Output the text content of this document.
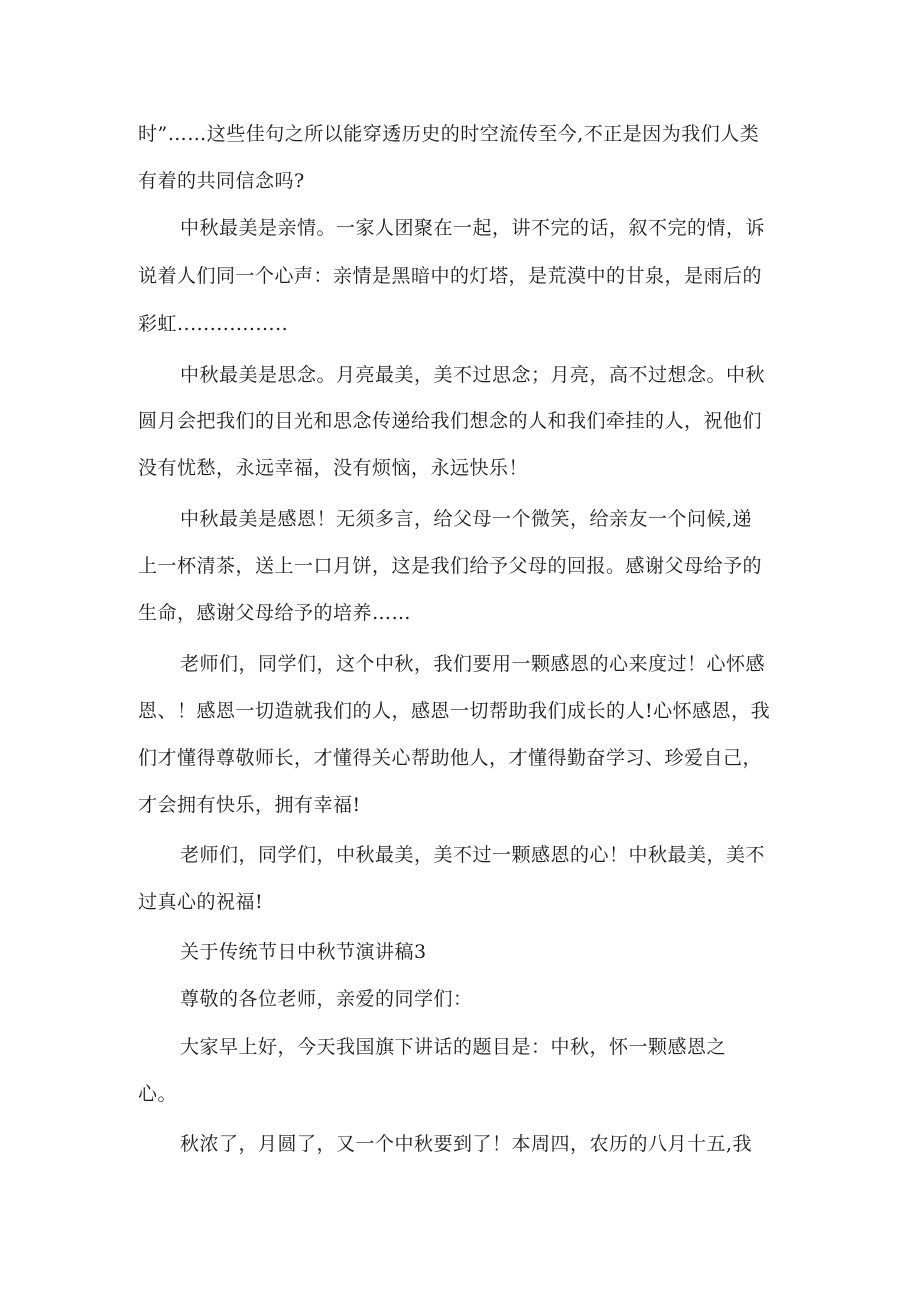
时”……这些佳句之所以能穿透历史的时空流传至今,不正是因为我们人类

有着的共同信念吗?

中秋最美是亲情。一家人团聚在一起，讲不完的话，叙不完的情，诉

说着人们同一个心声：亲情是黑暗中的灯塔，是荒漠中的甘泉，是雨后的

彩虹.................

中秋最美是思念。月亮最美，美不过思念；月亮，高不过想念。中秋

圆月会把我们的目光和思念传递给我们想念的人和我们牵挂的人，祝他们

没有忧愁，永远幸福，没有烦恼，永远快乐！

中秋最美是感恩！无须多言，给父母一个微笑，给亲友一个问候,递

上一杯清茶，送上一口月饼，这是我们给予父母的回报。感谢父母给予的

生命，感谢父母给予的培养……

老师们，同学们，这个中秋，我们要用一颗感恩的心来度过！心怀感

恩、！感恩一切造就我们的人，感恩一切帮助我们成长的人!心怀感恩，我

们才懂得尊敬师长，才懂得关心帮助他人，才懂得勤奋学习、珍爱自己，

才会拥有快乐，拥有幸福!

老师们，同学们，中秋最美，美不过一颗感恩的心！中秋最美，美不

过真心的祝福!

关于传统节日中秋节演讲稿3

尊敬的各位老师，亲爱的同学们：

大家早上好，今天我国旗下讲话的题目是：中秋，怀一颗感恩之

心。

秋浓了，月圆了，又一个中秋要到了！本周四，农历的八月十五,我
